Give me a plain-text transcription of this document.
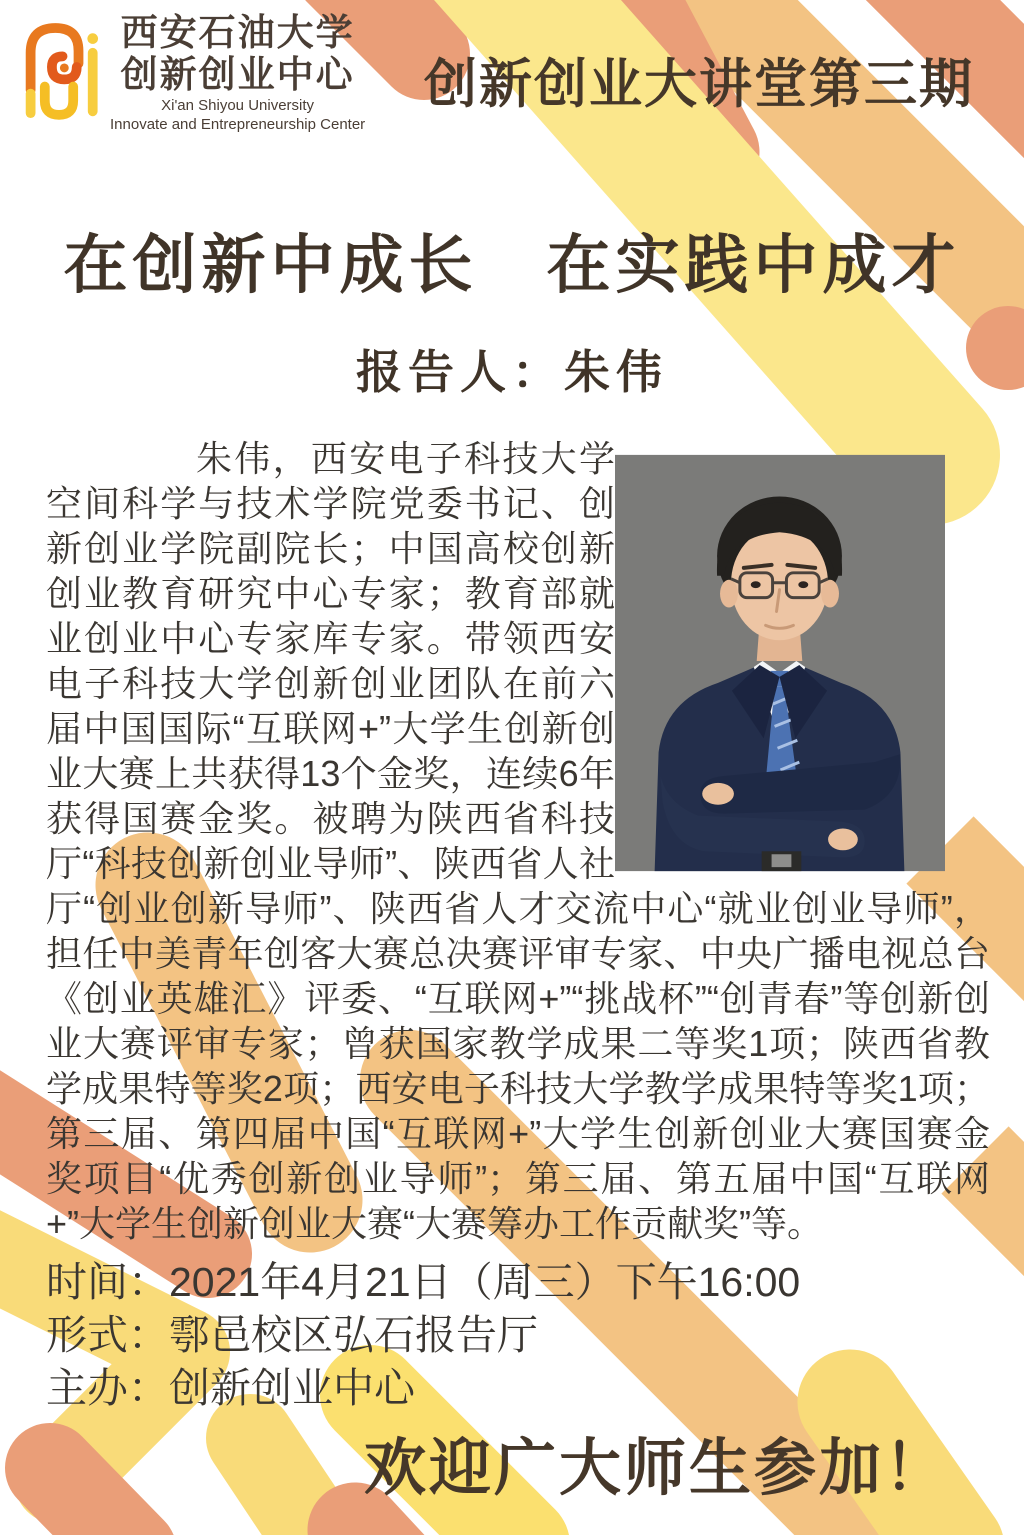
西安石油大学
创新创业中心
Xi'an Shiyou University
Innovate and Entrepreneurship Center
创新创业大讲堂第三期
在创新中成长　在实践中成才
报告人：朱伟
朱伟，西安电子科技大学空间科学与技术学院党委书记、创新创业学院副院长；中国高校创新创业教育研究中心专家；教育部就业创业中心专家库专家。带领西安电子科技大学创新创业团队在前六届中国国际“互联网+”大学生创新创业大赛上共获得13个金奖，连续6年获得国赛金奖。被聘为陕西省科技厅“科技创新创业导师”、陕西省人社厅“创业创新导师”、陕西省人才交流中心“就业创业导师”，担任中美青年创客大赛总决赛评审专家、中央广播电视总台《创业英雄汇》评委、“互联网+”“挑战杯”“创青春”等创新创业大赛评审专家；曾获国家教学成果二等奖1项；陕西省教学成果特等奖2项；西安电子科技大学教学成果特等奖1项；第三届、第四届中国“互联网+”大学生创新创业大赛国赛金奖项目“优秀创新创业导师”；第三届、第五届中国“互联网+”大学生创新创业大赛“大赛筹办工作贡献奖”等。
时间：2021年4月21日（周三）下午16:00
形式：鄠邑校区弘石报告厅
主办：创新创业中心
欢迎广大师生参加！
